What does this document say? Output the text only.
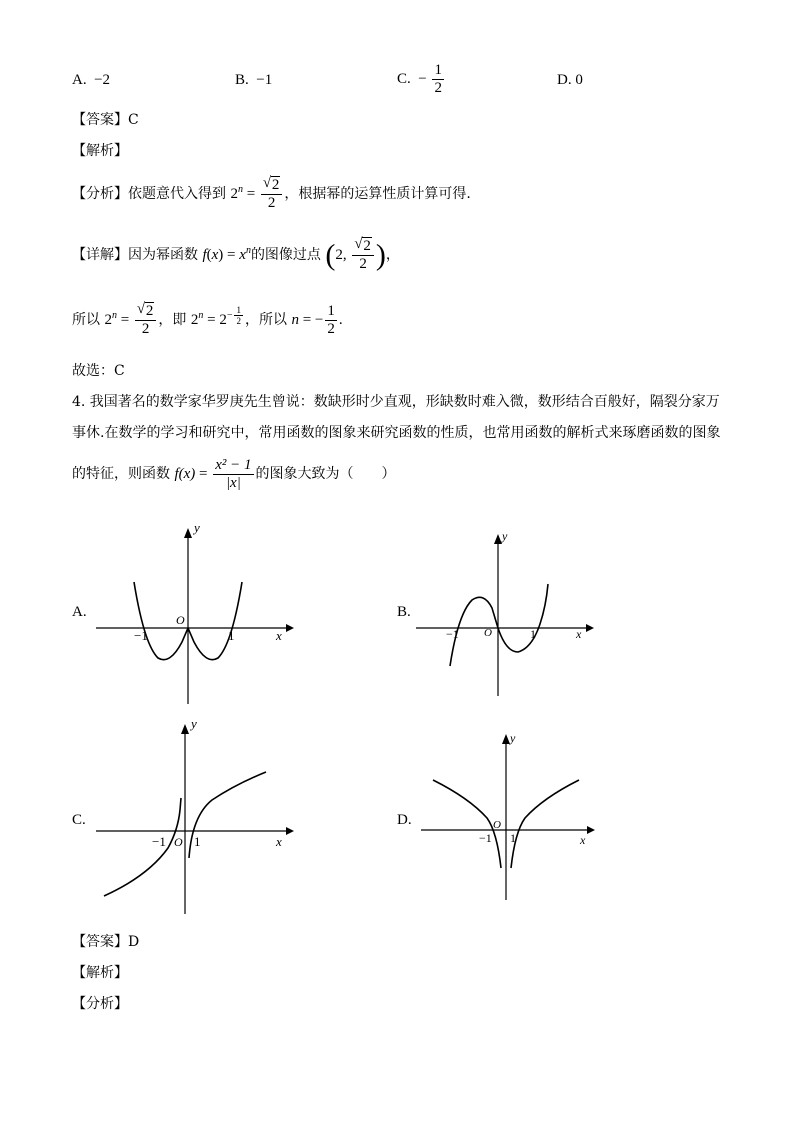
A. −2	B. −1	C. − $\frac{1}{2}$	D. 0
【答案】C
【解析】
【分析】依题意代入得到 $2^n = \frac{√ 2}{2}$ ，根据幂的运算性质计算可得.
【详解】因为幂函数 $f(x) = x^n$的图像过点 (2, $\frac{√ 2}{2}$ )，
所以 $2^n = \frac{√ 2}{2}$ ，即 $2^n = 2^{- \frac{1}{2}}$ ，所以 n = − $\frac{1}{2}$ .
故选：C
4. 我国著名的数学家华罗庚先生曾说：数缺形时少直观，形缺数时难入微，数形结合百般好，隔裂分家万
事休.在数学的学习和研究中，常用函数的图象来研究函数的性质，也常用函数的解析式来琢磨函数的图象
的特征，则函数 $f(x) = \frac{\text{x² − 1}}{|x|}$ 的图象大致为（　　）
A.	B.
C.	D.
y
x
O
−1	1
y
x
O
−1	1
y
x
O
−1 1
y
x
O
−1 1
【答案】D
【解析】
【分析】
